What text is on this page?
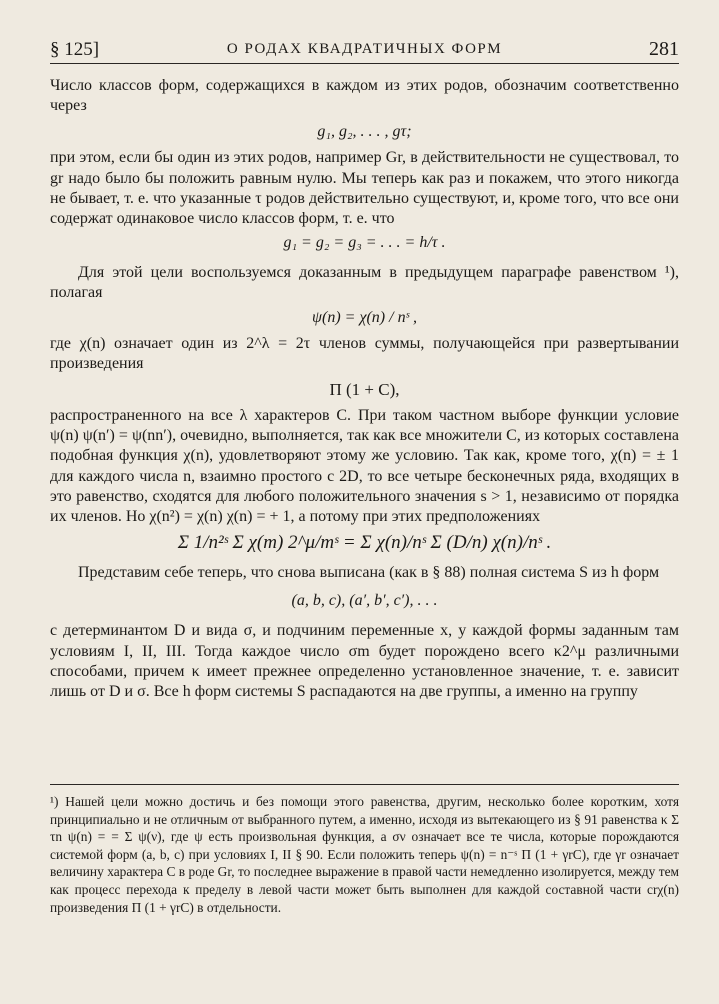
§ 125]	О РОДАХ КВАДРАТИЧНЫХ ФОРМ	281

Число классов форм, содержащихся в каждом из этих родов, обозначим соответственно через

g₁, g₂, . . . , gτ;

при этом, если бы один из этих родов, например Gr, в действительности не существовал, то gr надо было бы положить равным нулю. Мы теперь как раз и покажем, что этого никогда не бывает, т. е. что указанные τ родов действительно существуют, и, кроме того, что все они содержат одинаковое число классов форм, т. е. что

g₁ = g₂ = g₃ = . . . = h/τ .

Для этой цели воспользуемся доказанным в предыдущем параграфе равенством ¹), полагая

ψ(n) = χ(n) / nˢ ,

где χ(n) означает один из 2^λ = 2τ членов суммы, получающейся при развертывании произведения

Π (1 + C),

распространенного на все λ характеров C. При таком частном выборе функции условие ψ(n) ψ(n′) = ψ(nn′), очевидно, выполняется, так как все множители C, из которых составлена подобная функция χ(n), удовлетворяют этому же условию. Так как, кроме того, χ(n) = ± 1 для каждого числа n, взаимно простого с 2D, то все четыре бесконечных ряда, входящих в это равенство, сходятся для любого положительного значения s > 1, независимо от порядка их членов. Но χ(n²) = χ(n) χ(n) = + 1, а потому при этих предположениях

Σ 1/n²ˢ Σ χ(m) 2^μ/mˢ = Σ χ(n)/nˢ Σ (D/n) χ(n)/nˢ .

Представим себе теперь, что снова выписана (как в § 88) полная система S из h форм

(a, b, c), (a′, b′, c′), . . .

с детерминантом D и вида σ, и подчиним переменные x, y каждой формы заданным там условиям I, II, III. Тогда каждое число σm будет порождено всего κ2^μ различными способами, причем κ имеет прежнее определенно установленное значение, т. е. зависит лишь от D и σ. Все h форм системы S распадаются на две группы, а именно на группу

¹) Нашей цели можно достичь и без помощи этого равенства, другим, несколько более коротким, хотя принципиально и не отличным от выбранного путем, а именно, исходя из вытекающего из § 91 равенства κ Σ τn ψ(n) = = Σ ψ(ν), где ψ есть произвольная функция, а σν означает все те числа, которые порождаются системой форм (a, b, c) при условиях I, II § 90. Если положить теперь ψ(n) = n⁻ˢ Π (1 + γrC), где γr означает величину характера C в роде Gr, то последнее выражение в правой части немедленно изолируется, между тем как процесс перехода к пределу в левой части может быть выполнен для каждой составной части crχ(n) произведения Π (1 + γrC) в отдельности.
